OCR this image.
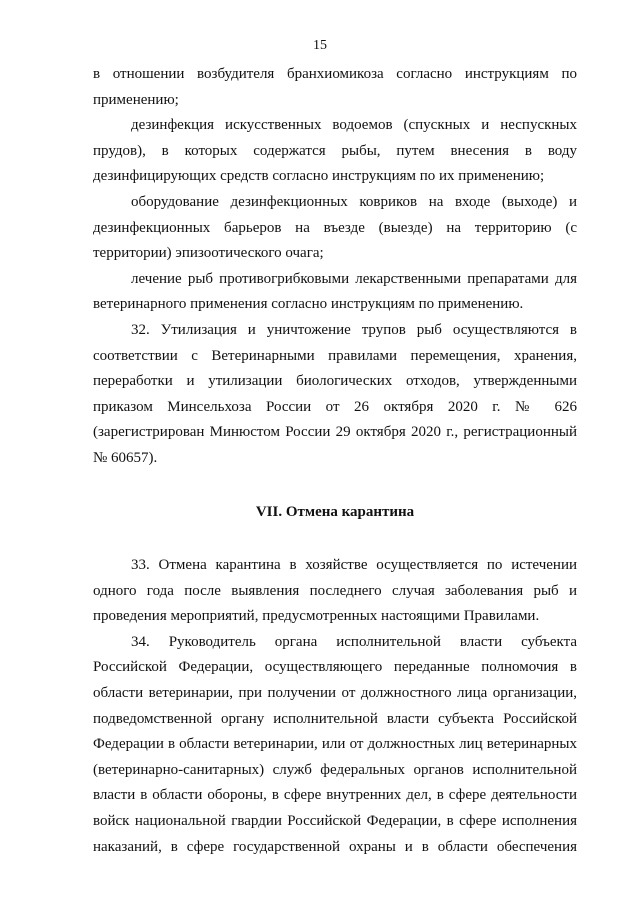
15

в отношении возбудителя бранхиомикоза согласно инструкциям по применению;

дезинфекция искусственных водоемов (спускных и неспускных прудов), в которых содержатся рыбы, путем внесения в воду дезинфицирующих средств согласно инструкциям по их применению;

оборудование дезинфекционных ковриков на входе (выходе) и дезинфекционных барьеров на въезде (выезде) на территорию (с территории) эпизоотического очага;

лечение рыб противогрибковыми лекарственными препаратами для ветеринарного применения согласно инструкциям по применению.

32. Утилизация и уничтожение трупов рыб осуществляются в соответствии с Ветеринарными правилами перемещения, хранения, переработки и утилизации биологических отходов, утвержденными приказом Минсельхоза России от 26 октября 2020 г. № 626 (зарегистрирован Минюстом России 29 октября 2020 г., регистрационный № 60657).

VII. Отмена карантина

33. Отмена карантина в хозяйстве осуществляется по истечении одного года после выявления последнего случая заболевания рыб и проведения мероприятий, предусмотренных настоящими Правилами.

34. Руководитель органа исполнительной власти субъекта Российской Федерации, осуществляющего переданные полномочия в области ветеринарии, при получении от должностного лица организации, подведомственной органу исполнительной власти субъекта Российской Федерации в области ветеринарии, или от должностных лиц ветеринарных (ветеринарно-санитарных) служб федеральных органов исполнительной власти в области обороны, в сфере внутренних дел, в сфере деятельности войск национальной гвардии Российской Федерации, в сфере исполнения наказаний, в сфере государственной охраны и в области обеспечения
